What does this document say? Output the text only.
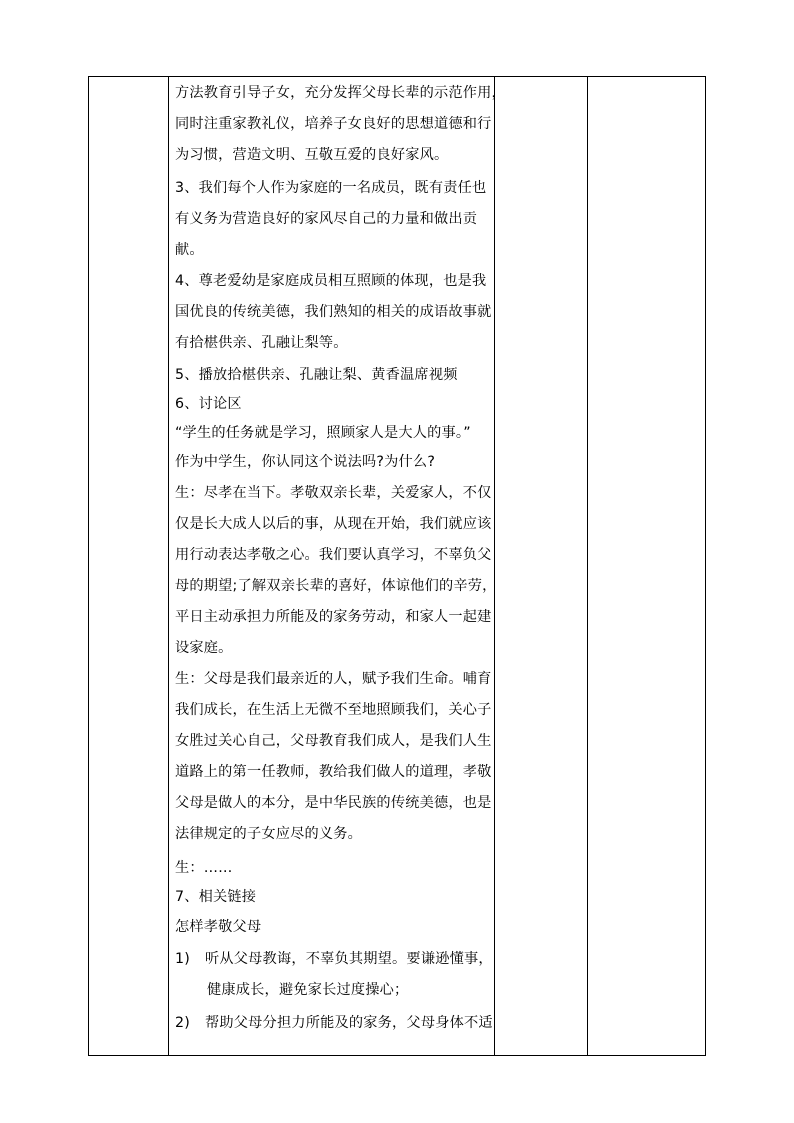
方法教育引导子女，充分发挥父母长辈的示范作用，
同时注重家教礼仪，培养子女良好的思想道德和行
为习惯，营造文明、互敬互爱的良好家风。
3、我们每个人作为家庭的一名成员，既有责任也
有义务为营造良好的家风尽自己的力量和做出贡
献。
4、尊老爱幼是家庭成员相互照顾的体现，也是我
国优良的传统美德，我们熟知的相关的成语故事就
有拾椹供亲、孔融让梨等。
5、播放拾椹供亲、孔融让梨、黄香温席视频
6、讨论区
“学生的任务就是学习，照顾家人是大人的事。”
作为中学生，你认同这个说法吗?为什么?
生：尽孝在当下。孝敬双亲长辈，关爱家人，不仅
仅是长大成人以后的事，从现在开始，我们就应该
用行动表达孝敬之心。我们要认真学习，不辜负父
母的期望;了解双亲长辈的喜好，体谅他们的辛劳，
平日主动承担力所能及的家务劳动，和家人一起建
设家庭。
生：父母是我们最亲近的人，赋予我们生命。哺育
我们成长，在生活上无微不至地照顾我们，关心子
女胜过关心自己，父母教育我们成人，是我们人生
道路上的第一任教师，教给我们做人的道理，孝敬
父母是做人的本分，是中华民族的传统美德，也是
法律规定的子女应尽的义务。
生：……
7、相关链接
怎样孝敬父母
1) 听从父母教诲，不辜负其期望。要谦逊懂事，
健康成长，避免家长过度操心；
2) 帮助父母分担力所能及的家务，父母身体不适
